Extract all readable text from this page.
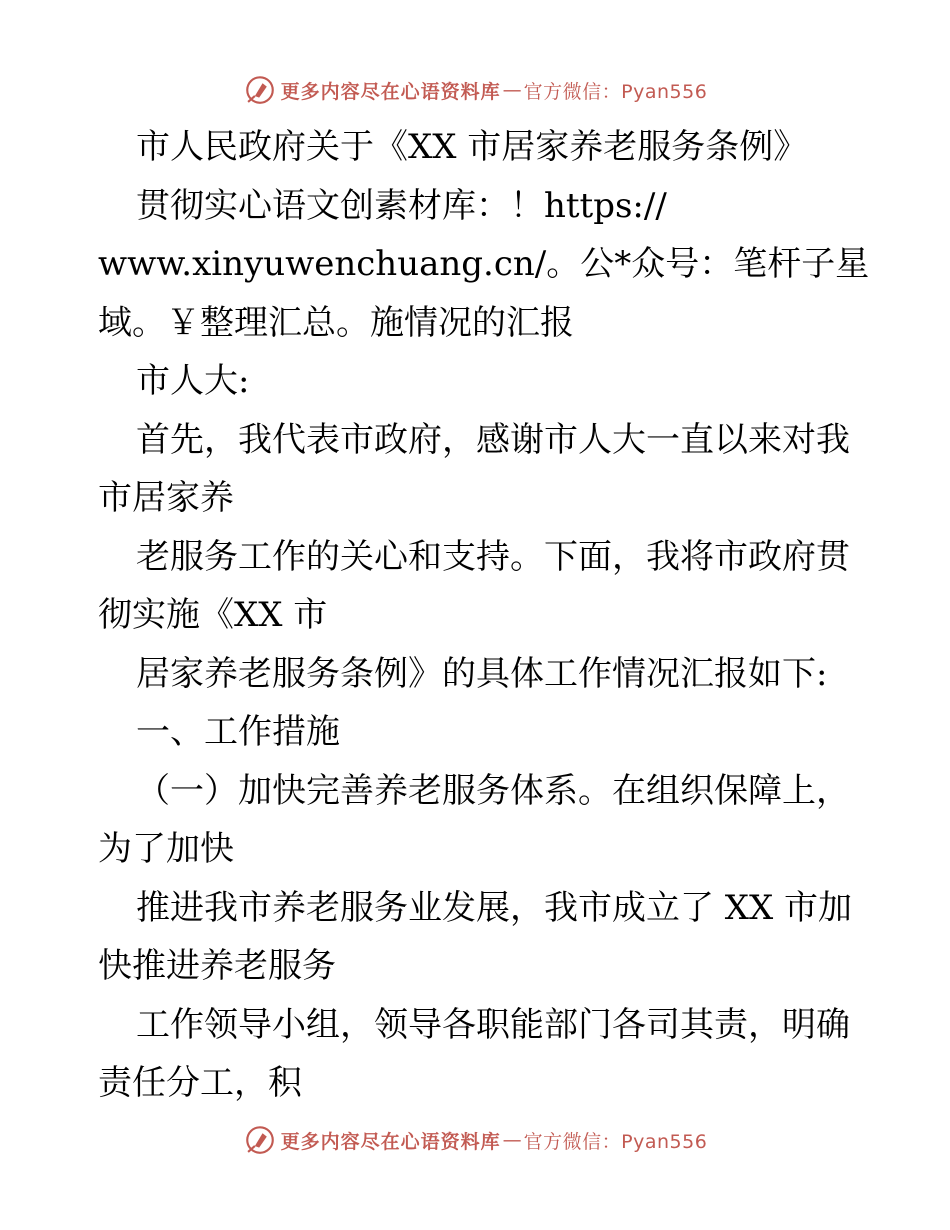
更多内容尽在心语资料库 — 官方微信：Pyan556
市人民政府关于《XX 市居家养老服务条例》
贯彻实心语文创素材库：！https://
www.xinyuwenchuang.cn/。公*众号：笔杆子星
域。￥整理汇总。施情况的汇报
市人大:
首先，我代表市政府，感谢市人大一直以来对我
市居家养
老服务工作的关心和支持。下面，我将市政府贯
彻实施《XX 市
居家养老服务条例》的具体工作情况汇报如下:
一、工作措施
（一）加快完善养老服务体系。在组织保障上，
为了加快
推进我市养老服务业发展，我市成立了 XX 市加
快推进养老服务
工作领导小组，领导各职能部门各司其责，明确
责任分工，积
更多内容尽在心语资料库 — 官方微信：Pyan556
